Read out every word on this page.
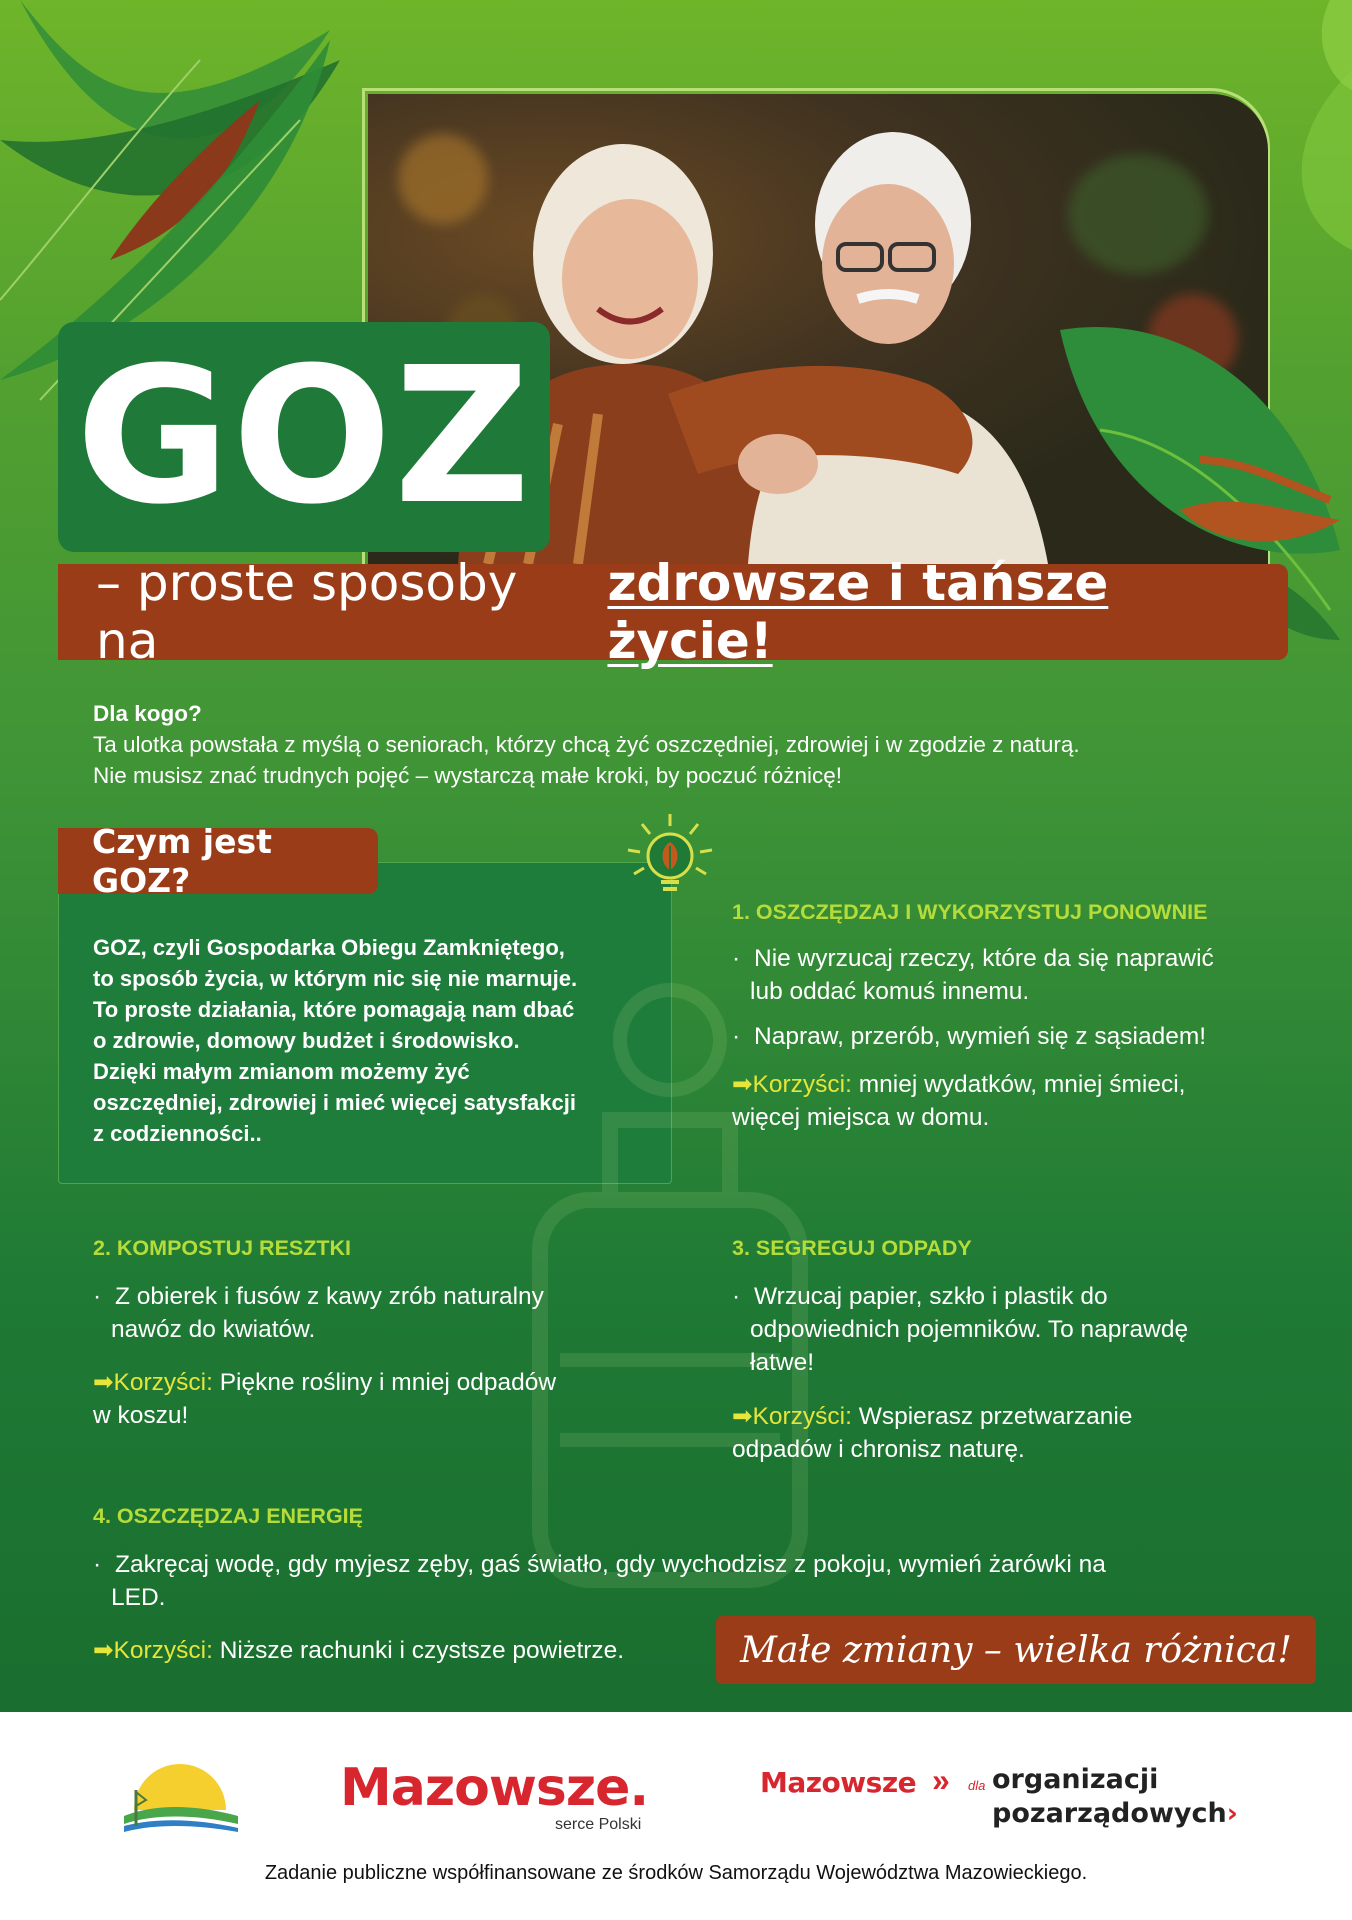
GOZ
– proste sposoby na
zdrowsze i tańsze życie!
Dla kogo?
Ta ulotka powstała z myślą o seniorach, którzy chcą żyć oszczędniej, zdrowiej i w zgodzie z naturą.
Nie musisz znać trudnych pojęć – wystarczą małe kroki, by poczuć różnicę!
Czym jest GOZ?
GOZ, czyli Gospodarka Obiegu Zamkniętego,
to sposób życia, w którym nic się nie marnuje.
To proste działania, które pomagają nam dbać
o zdrowie, domowy budżet i środowisko.
Dzięki małym zmianom możemy żyć
oszczędniej, zdrowiej i mieć więcej satysfakcji
z codzienności..
1. OSZCZĘDZAJ I WYKORZYSTUJ PONOWNIE
· Nie wyrzucaj rzeczy, które da się naprawić
lub oddać komuś innemu.
· Napraw, przerób, wymień się z sąsiadem!
➡Korzyści: mniej wydatków, mniej śmieci,
więcej miejsca w domu.
2. KOMPOSTUJ RESZTKI
· Z obierek i fusów z kawy zrób naturalny
nawóz do kwiatów.
➡Korzyści: Piękne rośliny i mniej odpadów
w koszu!
3. SEGREGUJ ODPADY
· Wrzucaj papier, szkło i plastik do
odpowiednich pojemników. To naprawdę
łatwe!
➡Korzyści: Wspierasz przetwarzanie
odpadów i chronisz naturę.
4. OSZCZĘDZAJ ENERGIĘ
· Zakręcaj wodę, gdy myjesz zęby, gaś światło, gdy wychodzisz z pokoju, wymień żarówki na
LED.
➡Korzyści: Niższe rachunki i czystsze powietrze.	Małe zmiany – wielka różnica!
Mazowsze.
serce Polski
Mazowsze » dla organizacji
pozarządowych›
Zadanie publiczne współfinansowane ze środków Samorządu Województwa Mazowieckiego.
